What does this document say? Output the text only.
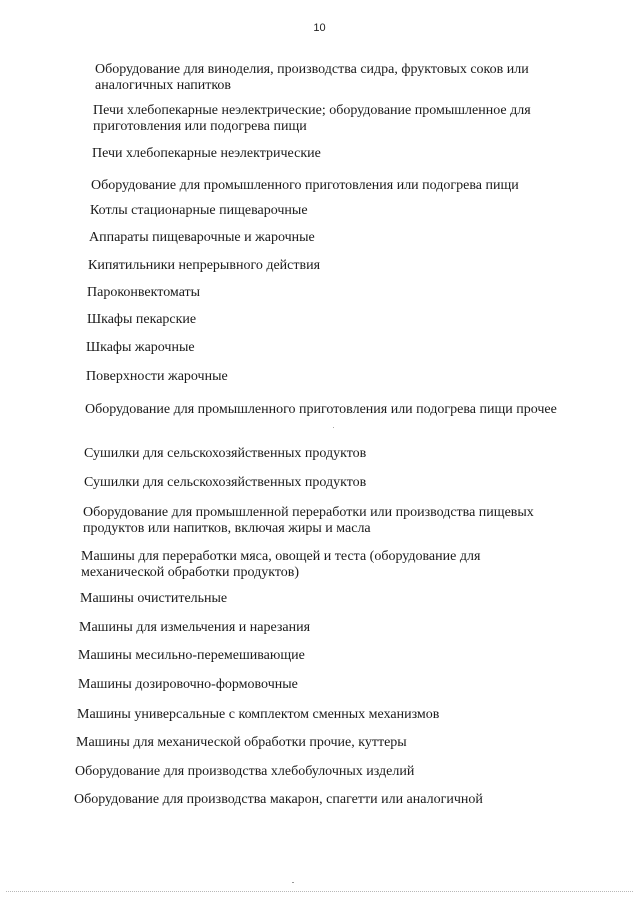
10
Оборудование для виноделия, производства сидра, фруктовых соков или аналогичных напитков
Печи хлебопекарные неэлектрические; оборудование промышленное для приготовления или подогрева пищи
Печи хлебопекарные неэлектрические
Оборудование для промышленного приготовления или подогрева пищи
Котлы стационарные пищеварочные
Аппараты пищеварочные и жарочные
Кипятильники непрерывного действия
Пароконвектоматы
Шкафы пекарские
Шкафы жарочные
Поверхности жарочные
Оборудование для промышленного приготовления или подогрева пищи прочее
Сушилки для сельскохозяйственных продуктов
Сушилки для сельскохозяйственных продуктов
Оборудование для промышленной переработки или производства пищевых продуктов или напитков, включая жиры и масла
Машины для переработки мяса, овощей и теста (оборудование для механической обработки продуктов)
Машины очистительные
Машины для измельчения и нарезания
Машины месильно-перемешивающие
Машины дозировочно-формовочные
Машины универсальные с комплектом сменных механизмов
Машины для механической обработки прочие, куттеры
Оборудование для производства хлебобулочных изделий
Оборудование для производства макарон, спагетти или аналогичной
